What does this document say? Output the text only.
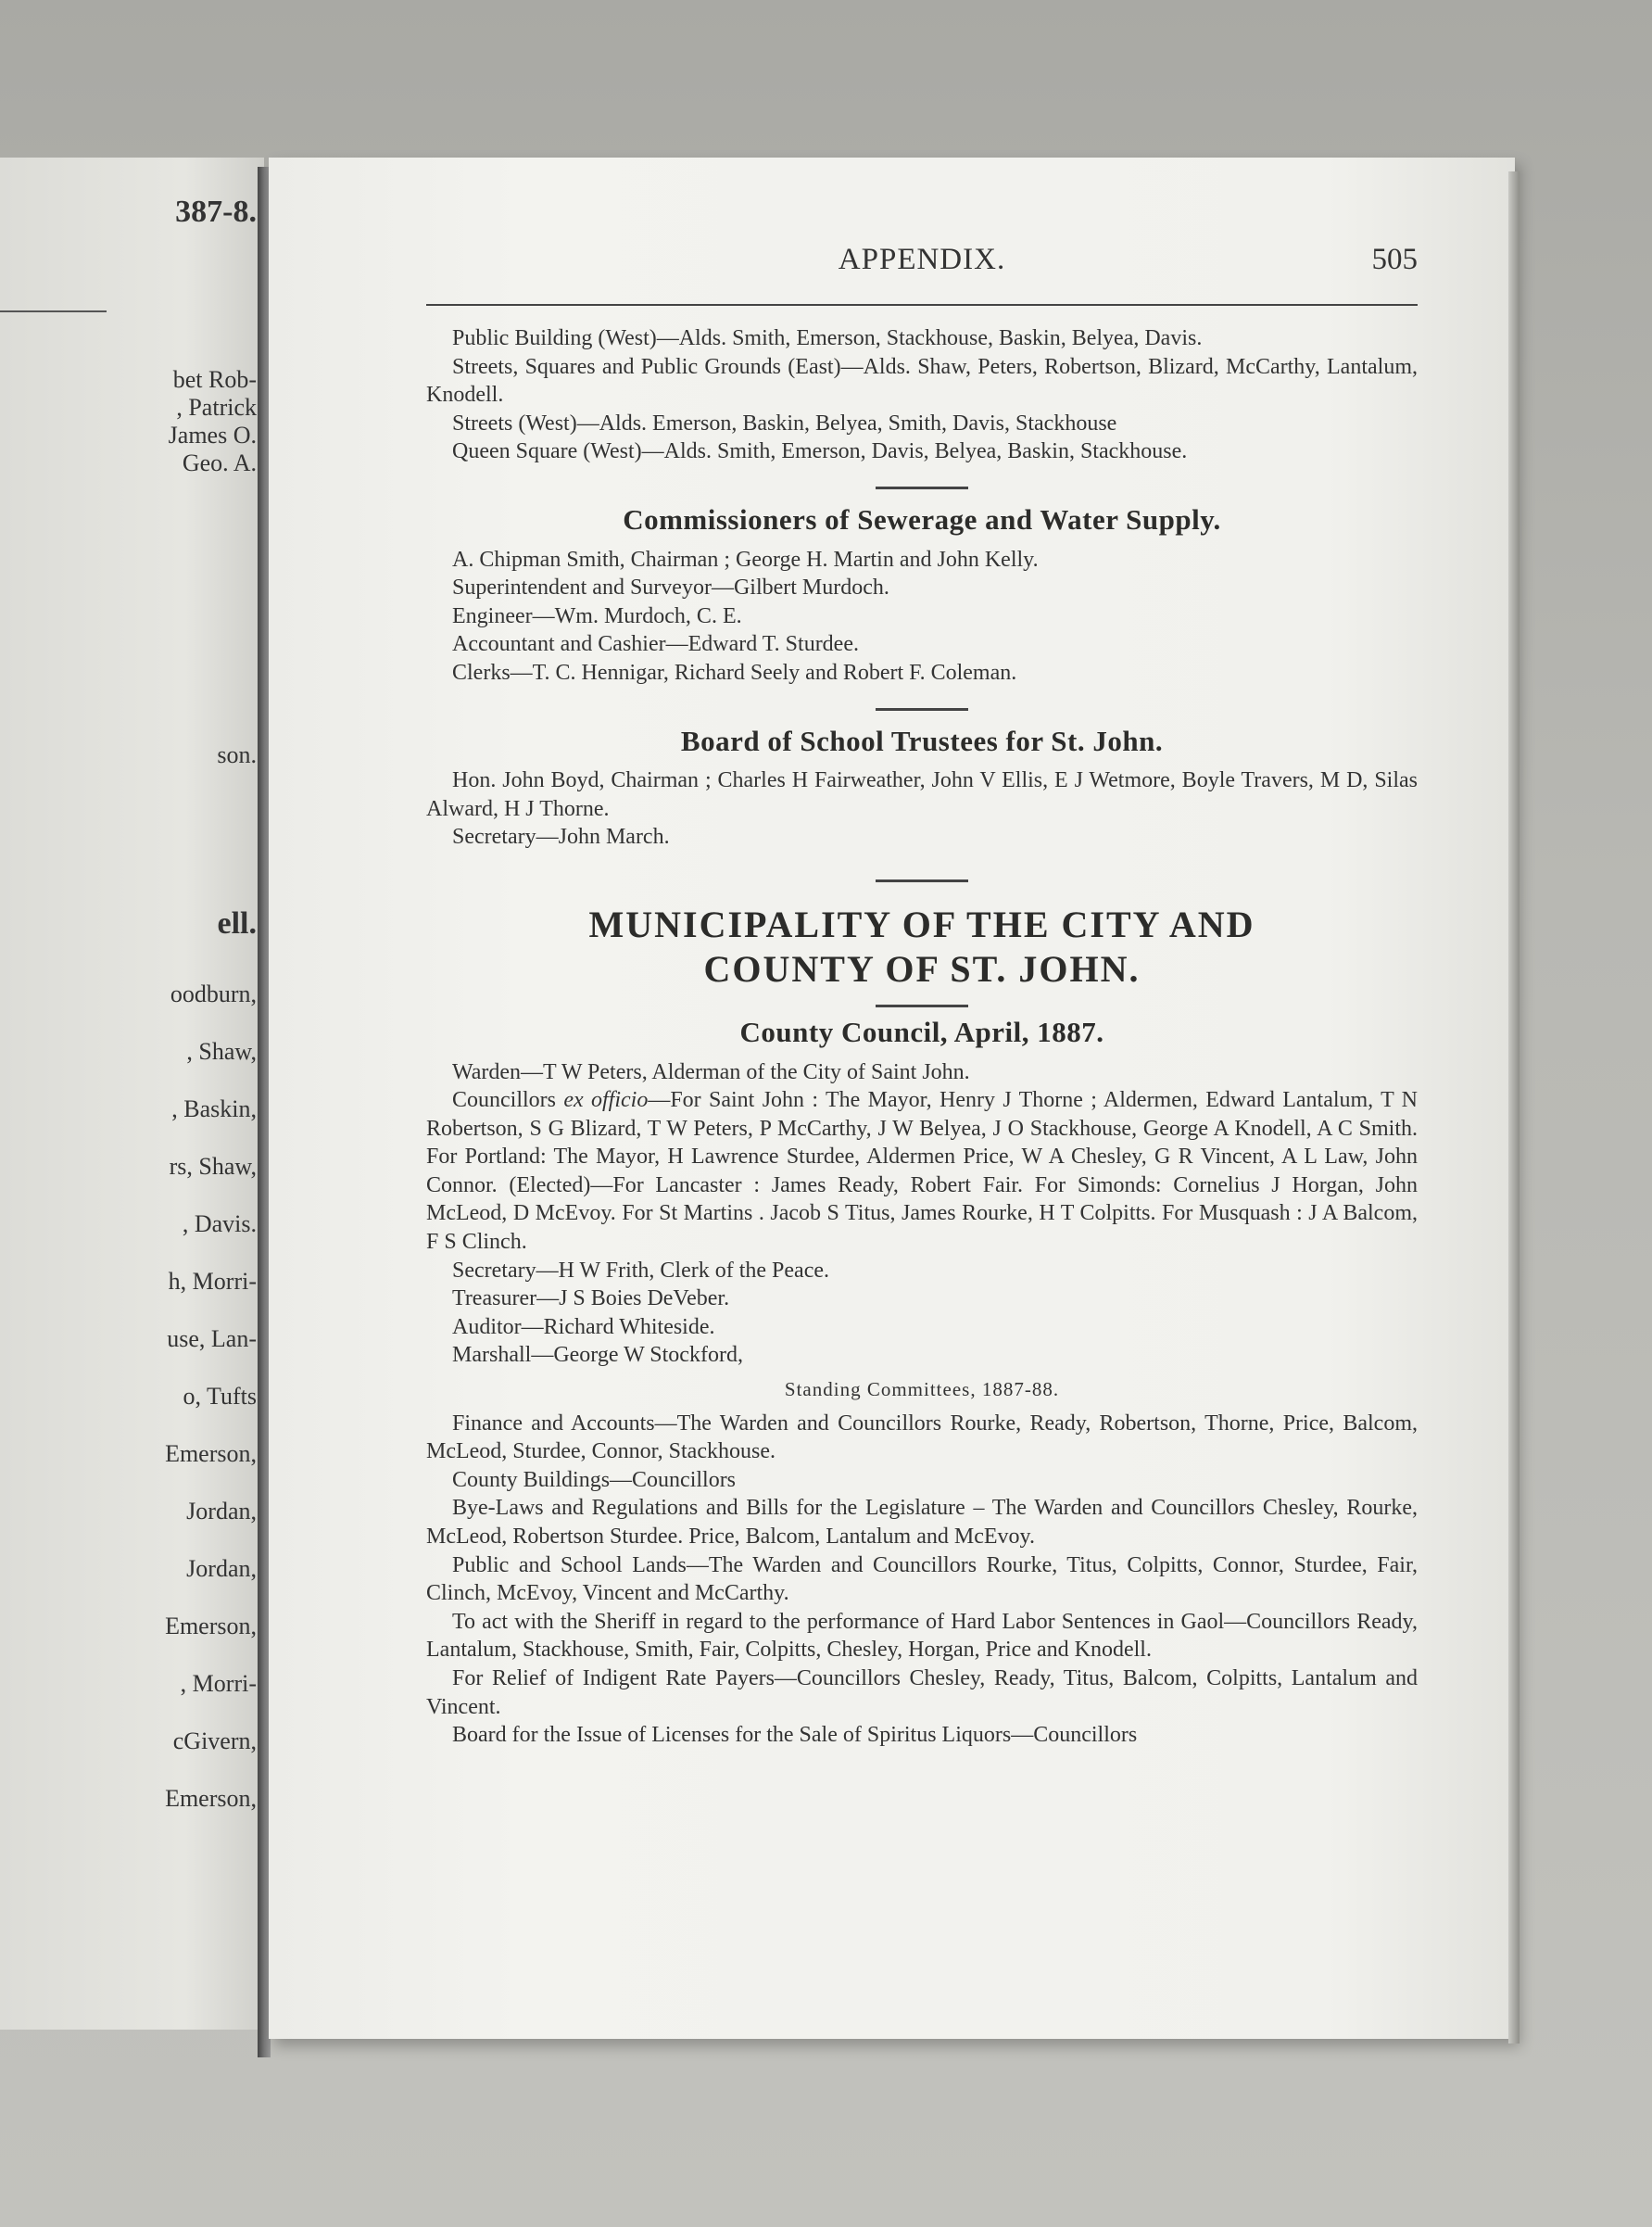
387-8.
bet Rob-
, Patrick
James O.
Geo. A.
son.
ell.
oodburn,
, Shaw,
, Baskin,
rs, Shaw,
, Davis.
h, Morri-
use, Lan-
o, Tufts
Emerson,
Jordan,
Jordan,
Emerson,
, Morri-
cGivern,
Emerson,
APPENDIX.	505

Public Building (West)—Alds. Smith, Emerson, Stackhouse, Baskin, Belyea, Davis.

Streets, Squares and Public Grounds (East)—Alds. Shaw, Peters, Robertson, Blizard, McCarthy, Lantalum, Knodell.

Streets (West)—Alds. Emerson, Baskin, Belyea, Smith, Davis, Stackhouse

Queen Square (West)—Alds. Smith, Emerson, Davis, Belyea, Baskin, Stackhouse.

Commissioners of Sewerage and Water Supply.

A. Chipman Smith, Chairman ; George H. Martin and John Kelly.

Superintendent and Surveyor—Gilbert Murdoch.

Engineer—Wm. Murdoch, C. E.

Accountant and Cashier—Edward T. Sturdee.

Clerks—T. C. Hennigar, Richard Seely and Robert F. Coleman.

Board of School Trustees for St. John.

Hon. John Boyd, Chairman ; Charles H Fairweather, John V Ellis, E J Wetmore, Boyle Travers, M D, Silas Alward, H J Thorne.

Secretary—John March.

MUNICIPALITY OF THE CITY AND
COUNTY OF ST. JOHN.
County Council, April, 1887.

Warden—T W Peters, Alderman of the City of Saint John.

Councillors ex officio—For Saint John : The Mayor, Henry J Thorne ; Aldermen, Edward Lantalum, T N Robertson, S G Blizard, T W Peters, P McCarthy, J W Belyea, J O Stackhouse, George A Knodell, A C Smith. For Portland: The Mayor, H Lawrence Sturdee, Aldermen Price, W A Chesley, G R Vincent, A L Law, John Connor. (Elected)—For Lancaster : James Ready, Robert Fair. For Simonds: Cornelius J Horgan, John McLeod, D McEvoy. For St Martins . Jacob S Titus, James Rourke, H T Colpitts. For Musquash : J A Balcom, F S Clinch.

Secretary—H W Frith, Clerk of the Peace.

Treasurer—J S Boies DeVeber.

Auditor—Richard Whiteside.

Marshall—George W Stockford,

Standing Committees, 1887-88.

Finance and Accounts—The Warden and Councillors Rourke, Ready, Robertson, Thorne, Price, Balcom, McLeod, Sturdee, Connor, Stackhouse.

County Buildings—Councillors

Bye-Laws and Regulations and Bills for the Legislature – The Warden and Councillors Chesley, Rourke, McLeod, Robertson Sturdee. Price, Balcom, Lantalum and McEvoy.

Public and School Lands—The Warden and Councillors Rourke, Titus, Colpitts, Connor, Sturdee, Fair, Clinch, McEvoy, Vincent and McCarthy.

To act with the Sheriff in regard to the performance of Hard Labor Sentences in Gaol—Councillors Ready, Lantalum, Stackhouse, Smith, Fair, Colpitts, Chesley, Horgan, Price and Knodell.

For Relief of Indigent Rate Payers—Councillors Chesley, Ready, Titus, Balcom, Colpitts, Lantalum and Vincent.

Board for the Issue of Licenses for the Sale of Spiritus Liquors—Councillors
